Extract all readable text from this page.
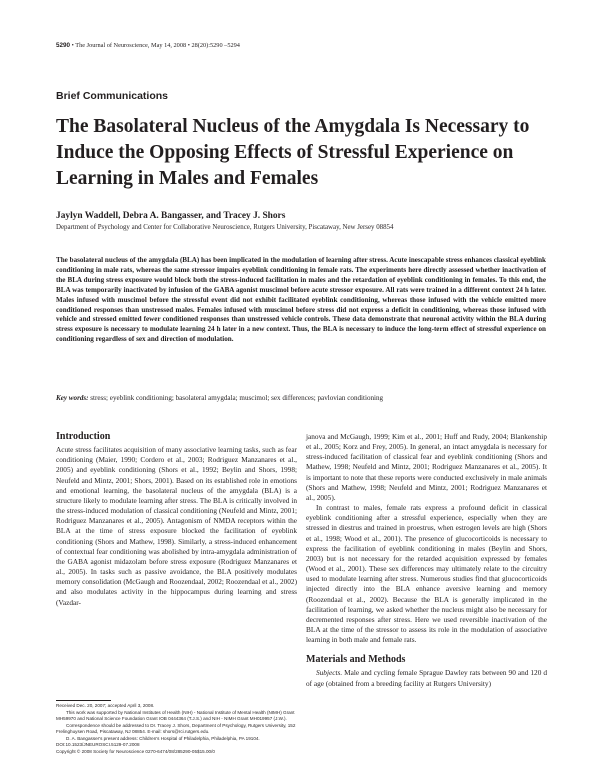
5290 • The Journal of Neuroscience, May 14, 2008 • 28(20):5290 –5294
Brief Communications
The Basolateral Nucleus of the Amygdala Is Necessary to Induce the Opposing Effects of Stressful Experience on Learning in Males and Females
Jaylyn Waddell, Debra A. Bangasser, and Tracey J. Shors
Department of Psychology and Center for Collaborative Neuroscience, Rutgers University, Piscataway, New Jersey 08854

The basolateral nucleus of the amygdala (BLA) has been implicated in the modulation of learning after stress. Acute inescapable stress enhances classical eyeblink conditioning in male rats, whereas the same stressor impairs eyeblink conditioning in female rats. The experiments here directly assessed whether inactivation of the BLA during stress exposure would block both the stress-induced facilitation in males and the retardation of eyeblink conditioning in females. To this end, the BLA was temporarily inactivated by infusion of the GABA agonist muscimol before acute stressor exposure. All rats were trained in a different context 24 h later. Males infused with muscimol before the stressful event did not exhibit facilitated eyeblink conditioning, whereas those infused with the vehicle emitted more conditioned responses than unstressed males. Females infused with muscimol before stress did not express a deficit in conditioning, whereas those infused with vehicle and stressed emitted fewer conditioned responses than unstressed vehicle controls. These data demonstrate that neuronal activity within the BLA during stress exposure is necessary to modulate learning 24 h later in a new context. Thus, the BLA is necessary to induce the long-term effect of stressful experience on conditioning regardless of sex and direction of modulation.

Key words: stress; eyeblink conditioning; basolateral amygdala; muscimol; sex differences; pavlovian conditioning
Introduction

Acute stress facilitates acquisition of many associative learning tasks, such as fear conditioning (Maier, 1990; Cordero et al., 2003; Rodriguez Manzanares et al., 2005) and eyeblink conditioning (Shors et al., 1992; Beylin and Shors, 1998; Neufeld and Mintz, 2001; Shors, 2001). Based on its established role in emotions and emotional learning, the basolateral nucleus of the amygdala (BLA) is a structure likely to modulate learning after stress. The BLA is critically involved in the stress-induced modulation of classical conditioning (Neufeld and Mintz, 2001; Rodriguez Manzanares et al., 2005). Antagonism of NMDA receptors within the BLA at the time of stress exposure blocked the facilitation of eyeblink conditioning (Shors and Mathew, 1998). Similarly, a stress-induced enhancement of contextual fear conditioning was abolished by intra-amygdala administration of the GABA agonist midazolam before stress exposure (Rodriguez Manzanares et al., 2005). In tasks such as passive avoidance, the BLA positively modulates memory consolidation (McGaugh and Roozendaal, 2002; Roozendaal et al., 2002) and also modulates activity in the hippocampus during learning and stress (Vazdar-

janova and McGaugh, 1999; Kim et al., 2001; Huff and Rudy, 2004; Blankenship et al., 2005; Korz and Frey, 2005). In general, an intact amygdala is necessary for stress-induced facilitation of classical fear and eyeblink conditioning (Shors and Mathew, 1998; Neufeld and Mintz, 2001; Rodriguez Manzanares et al., 2005). It is important to note that these reports were conducted exclusively in male animals (Shors and Mathew, 1998; Neufeld and Mintz, 2001; Rodriguez Manzanares et al., 2005).

In contrast to males, female rats express a profound deficit in classical eyeblink conditioning after a stressful experience, especially when they are stressed in diestrus and trained in proestrus, when estrogen levels are high (Shors et al., 1998; Wood et al., 2001). The presence of glucocorticoids is necessary to express the facilitation of eyeblink conditioning in males (Beylin and Shors, 2003) but is not necessary for the retarded acquisition expressed by females (Wood et al., 2001). These sex differences may ultimately relate to the circuitry used to modulate learning after stress. Numerous studies find that glucocorticoids injected directly into the BLA enhance aversive learning and memory (Roozendaal et al., 2002). Because the BLA is generally implicated in the facilitation of learning, we asked whether the nucleus might also be necessary for decremented responses after stress. Here we used reversible inactivation of the BLA at the time of the stressor to assess its role in the modulation of associative learning in both male and female rats.

Materials and Methods

Subjects. Male and cycling female Sprague Dawley rats between 90 and 120 d of age (obtained from a breeding facility at Rutgers University)

Received Dec. 20, 2007; accepted April 3, 2008.

This work was supported by National Institutes of Health (NIH) - National Institute of Mental Health (NIMH) Grant MH59970 and National Science Foundation Grant IOB 0444364 (T.J.S.) and NIH - NIMH Grant MH019957 (J.W.).

Correspondence should be addressed to Dr. Tracey J. Shors, Department of Psychology, Rutgers University, 152 Frelinghuysen Road, Piscataway, NJ 08854. E-mail: shors@rci.rutgers.edu.

D. A. Bangasser's present address: Children's Hospital of Philadelphia, Philadelphia, PA 19104.

DOI:10.1523/JNEUROSCI.5129-07.2008

Copyright © 2008 Society for Neuroscience 0270-6474/08/285290-05$15.00/0
